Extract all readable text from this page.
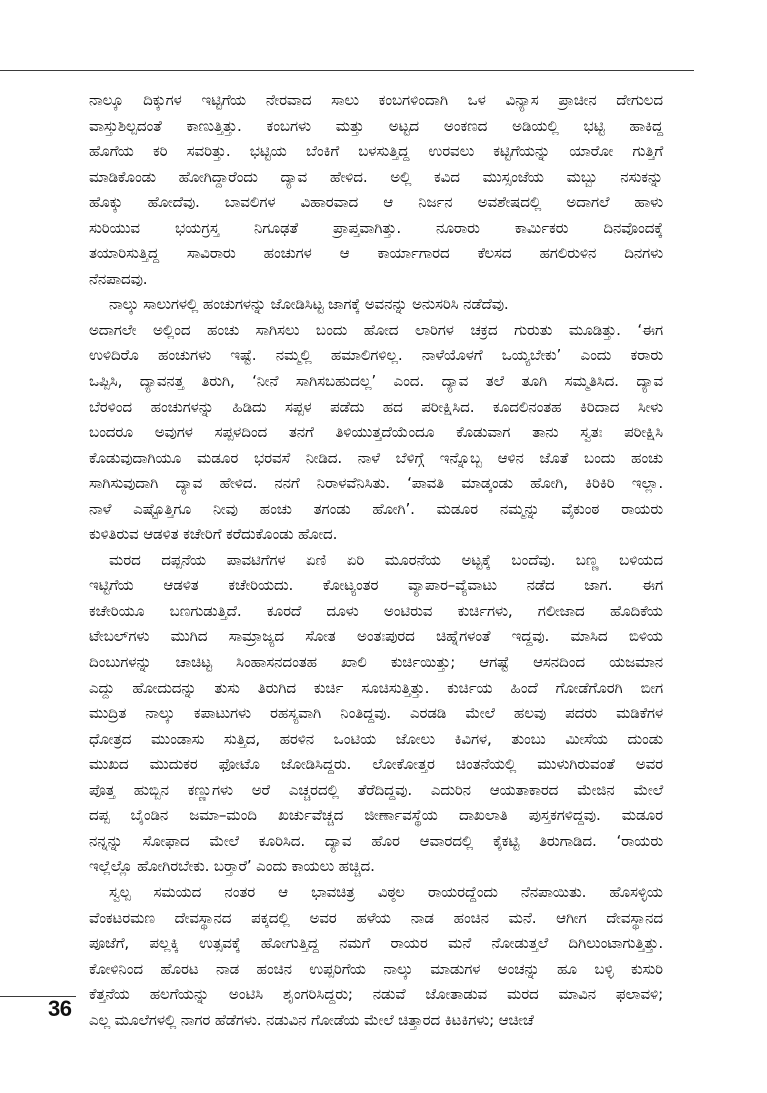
ನಾಲ್ಕೂ ದಿಕ್ಕುಗಳ ಇಟ್ಟಿಗೆಯ ನೇರವಾದ ಸಾಲು ಕಂಬಗಳಿಂದಾಗಿ ಒಳ ವಿನ್ಯಾಸ ಪ್ರಾಚೀನ ದೇಗುಲದ
ವಾಸ್ತುಶಿಲ್ಪದಂತೆ ಕಾಣುತ್ತಿತ್ತು. ಕಂಬಗಳು ಮತ್ತು ಅಟ್ಟದ ಅಂಕಣದ ಅಡಿಯಲ್ಲಿ ಭಟ್ಟಿ ಹಾಕಿದ್ದ
ಹೊಗೆಯ ಕರಿ ಸವರಿತ್ತು. ಭಟ್ಟಿಯ ಬೆಂಕಿಗೆ ಬಳಸುತ್ತಿದ್ದ ಉರವಲು ಕಟ್ಟಿಗೆಯನ್ನು ಯಾರೋ ಗುತ್ತಿಗೆ
ಮಾಡಿಕೊಂಡು ಹೋಗಿದ್ದಾರೆಂದು ದ್ಯಾವ ಹೇಳಿದ. ಅಲ್ಲಿ ಕವಿದ ಮುಸ್ಸಂಜೆಯ ಮಬ್ಬು ನಸುಕನ್ನು
ಹೊಕ್ಕು ಹೋದೆವು. ಬಾವಲಿಗಳ ವಿಹಾರವಾದ ಆ ನಿರ್ಜನ ಅವಶೇಷದಲ್ಲಿ ಅದಾಗಲೆ ಹಾಳು
ಸುರಿಯುವ ಭಯಗ್ರಸ್ತ ನಿಗೂಢತೆ ಪ್ರಾಪ್ತವಾಗಿತ್ತು. ನೂರಾರು ಕಾರ್ಮಿಕರು ದಿನವೊಂದಕ್ಕೆ
ತಯಾರಿಸುತ್ತಿದ್ದ ಸಾವಿರಾರು ಹಂಚುಗಳ ಆ ಕಾರ್ಯಾಗಾರದ ಕೆಲಸದ ಹಗಲಿರುಳಿನ ದಿನಗಳು
ನೆನಪಾದವು.
ನಾಲ್ಕು ಸಾಲುಗಳಲ್ಲಿ ಹಂಚುಗಳನ್ನು ಜೋಡಿಸಿಟ್ಟ ಜಾಗಕ್ಕೆ ಅವನನ್ನು ಅನುಸರಿಸಿ ನಡೆದೆವು.
ಅದಾಗಲೇ ಅಲ್ಲಿಂದ ಹಂಚು ಸಾಗಿಸಲು ಬಂದು ಹೋದ ಲಾರಿಗಳ ಚಕ್ರದ ಗುರುತು ಮೂಡಿತ್ತು. ‘ಈಗ
ಉಳಿದಿರೊ ಹಂಚುಗಳು ಇಷ್ಟೆ. ನಮ್ಮಲ್ಲಿ ಹಮಾಲಿಗಳಿಲ್ಲ. ನಾಳೆಯೊಳಗೆ ಒಯ್ಯಬೇಕು’ ಎಂದು ಕರಾರು
ಒಪ್ಪಿಸಿ, ದ್ಯಾವನತ್ತ ತಿರುಗಿ, ‘ನೀನೆ ಸಾಗಿಸಬಹುದಲ್ಲ’ ಎಂದ. ದ್ಯಾವ ತಲೆ ತೂಗಿ ಸಮ್ಮತಿಸಿದ. ದ್ಯಾವ
ಬೆರಳಿಂದ ಹಂಚುಗಳನ್ನು ಹಿಡಿದು ಸಪ್ಪಳ ಪಡೆದು ಹದ ಪರೀಕ್ಷಿಸಿದ. ಕೂದಲಿನಂತಹ ಕಿರಿದಾದ ಸೀಳು
ಬಂದರೂ ಅವುಗಳ ಸಪ್ಪಳದಿಂದ ತನಗೆ ತಿಳಿಯುತ್ತದೆಯೆಂದೂ ಕೊಡುವಾಗ ತಾನು ಸ್ವತಃ ಪರೀಕ್ಷಿಸಿ
ಕೊಡುವುದಾಗಿಯೂ ಮಡೂರ ಭರವಸೆ ನೀಡಿದ. ನಾಳೆ ಬೆಳಿಗ್ಗೆ ಇನ್ನೊಬ್ಬ ಆಳಿನ ಜೊತೆ ಬಂದು ಹಂಚು
ಸಾಗಿಸುವುದಾಗಿ ದ್ಯಾವ ಹೇಳಿದ. ನನಗೆ ನಿರಾಳವೆನಿಸಿತು. ‘ಪಾವತಿ ಮಾಡ್ಕಂಡು ಹೋಗಿ, ಕಿರಿಕಿರಿ ಇಲ್ಲಾ.
ನಾಳೆ ಎಷ್ಟೊತ್ತಿಗೂ ನೀವು ಹಂಚು ತಗಂಡು ಹೋಗಿ’. ಮಡೂರ ನಮ್ಮನ್ನು ವೈಕುಂಠ ರಾಯರು
ಕುಳಿತಿರುವ ಆಡಳಿತ ಕಚೇರಿಗೆ ಕರೆದುಕೊಂಡು ಹೋದ.
ಮರದ ದಪ್ಪನೆಯ ಪಾವಟಿಗೆಗಳ ಏಣಿ ಏರಿ ಮೂರನೆಯ ಅಟ್ಟಕ್ಕೆ ಬಂದೆವು. ಬಣ್ಣ ಬಳಿಯದ
ಇಟ್ಟಿಗೆಯ ಆಡಳಿತ ಕಚೇರಿಯದು. ಕೋಟ್ಯಂತರ ವ್ಯಾಪಾರ–ವ್ಯೆವಾಟು ನಡೆದ ಜಾಗ. ಈಗ
ಕಚೇರಿಯೂ ಬಣಗುಡುತ್ತಿದೆ. ಕೂರದೆ ದೂಳು ಅಂಟಿರುವ ಕುರ್ಚಿಗಳು, ಗಲೀಜಾದ ಹೊದಿಕೆಯ
ಟೇಬಲ್‌ಗಳು ಮುಗಿದ ಸಾಮ್ರಾಜ್ಯದ ಸೋತ ಅಂತಃಪುರದ ಚಿಹ್ನೆಗಳಂತೆ ಇದ್ದವು. ಮಾಸಿದ ಬಿಳಿಯ
ದಿಂಬುಗಳನ್ನು ಚಾಚಿಟ್ಟ ಸಿಂಹಾಸನದಂತಹ ಖಾಲಿ ಕುರ್ಚಿಯಿತ್ತು; ಆಗಷ್ಟೆ ಆಸನದಿಂದ ಯಜಮಾನ
ಎದ್ದು ಹೋದುದನ್ನು ತುಸು ತಿರುಗಿದ ಕುರ್ಚಿ ಸೂಚಿಸುತ್ತಿತ್ತು. ಕುರ್ಚಿಯ ಹಿಂದೆ ಗೋಡೆಗೊರಗಿ ಬೀಗ
ಮುದ್ರಿತ ನಾಲ್ಕು ಕಪಾಟುಗಳು ರಹಸ್ಯವಾಗಿ ನಿಂತಿದ್ದವು. ಎರಡಡಿ ಮೇಲೆ ಹಲವು ಪದರು ಮಡಿಕೆಗಳ
ಧೋತ್ರದ ಮುಂಡಾಸು ಸುತ್ತಿದ, ಹರಳಿನ ಒಂಟಿಯ ಜೋಲು ಕಿವಿಗಳ, ತುಂಬು ಮೀಸೆಯ ದುಂಡು
ಮುಖದ ಮುದುಕರ ಫೋಟೊ ಜೋಡಿಸಿದ್ದರು. ಲೋಕೋತ್ತರ ಚಿಂತನೆಯಲ್ಲಿ ಮುಳುಗಿರುವಂತೆ ಅವರ
ಪೊತ್ತ ಹುಬ್ಬಿನ ಕಣ್ಣುಗಳು ಅರೆ ಎಚ್ಚರದಲ್ಲಿ ತೆರೆದಿದ್ದವು. ಎದುರಿನ ಆಯತಾಕಾರದ ಮೇಜಿನ ಮೇಲೆ
ದಪ್ಪ ಬೈಂಡಿನ ಜಮಾ–ಮಂದಿ ಖರ್ಚುವೆಚ್ಚದ ಜೀರ್ಣಾವಸ್ಥೆಯ ದಾಖಲಾತಿ ಪುಸ್ತಕಗಳಿದ್ದವು. ಮಡೂರ
ನನ್ನನ್ನು ಸೋಫಾದ ಮೇಲೆ ಕೂರಿಸಿದ. ದ್ಯಾವ ಹೊರ ಆವಾರದಲ್ಲಿ ಕೈಕಟ್ಟಿ ತಿರುಗಾಡಿದ. ‘ರಾಯರು
ಇಲ್ಲೆಲ್ಲೊ ಹೋಗಿರಬೇಕು. ಬರ್‍ತಾರೆ’ ಎಂದು ಕಾಯಲು ಹಚ್ಚಿದ.
ಸ್ವಲ್ಪ ಸಮಯದ ನಂತರ ಆ ಭಾವಚಿತ್ರ ವಿಠ್ಠಲ ರಾಯರದ್ದೆಂದು ನೆನಪಾಯಿತು. ಹೊಸಳ್ಳಿಯ
ವೆಂಕಟರಮಣ ದೇವಸ್ಥಾನದ ಪಕ್ಕದಲ್ಲಿ ಅವರ ಹಳೆಯ ನಾಡ ಹಂಚಿನ ಮನೆ. ಆಗೀಗ ದೇವಸ್ಥಾನದ
ಪೂಜೆಗೆ, ಪಲ್ಲಕ್ಕಿ ಉತ್ಸವಕ್ಕೆ ಹೋಗುತ್ತಿದ್ದ ನಮಗೆ ರಾಯರ ಮನೆ ನೋಡುತ್ತಲೆ ದಿಗಿಲುಂಟಾಗುತ್ತಿತ್ತು.
ಕೋಳಿನಿಂದ ಹೊರಟ ನಾಡ ಹಂಚಿನ ಉಪ್ಪರಿಗೆಯ ನಾಲ್ಕು ಮಾಡುಗಳ ಅಂಚನ್ನು ಹೂ ಬಳ್ಳಿ ಕುಸುರಿ
ಕೆತ್ತನೆಯ ಹಲಗೆಯನ್ನು ಅಂಟಿಸಿ ಶೃಂಗರಿಸಿದ್ದರು; ನಡುವೆ ಜೋತಾಡುವ ಮರದ ಮಾವಿನ ಫಲಾವಳಿ;
ಎಲ್ಲ ಮೂಲೆಗಳಲ್ಲಿ ನಾಗರ ಹೆಡೆಗಳು. ನಡುವಿನ ಗೋಡೆಯ ಮೇಲೆ ಚಿತ್ತಾರದ ಕಿಟಕಿಗಳು; ಆಚೀಚೆ
36
